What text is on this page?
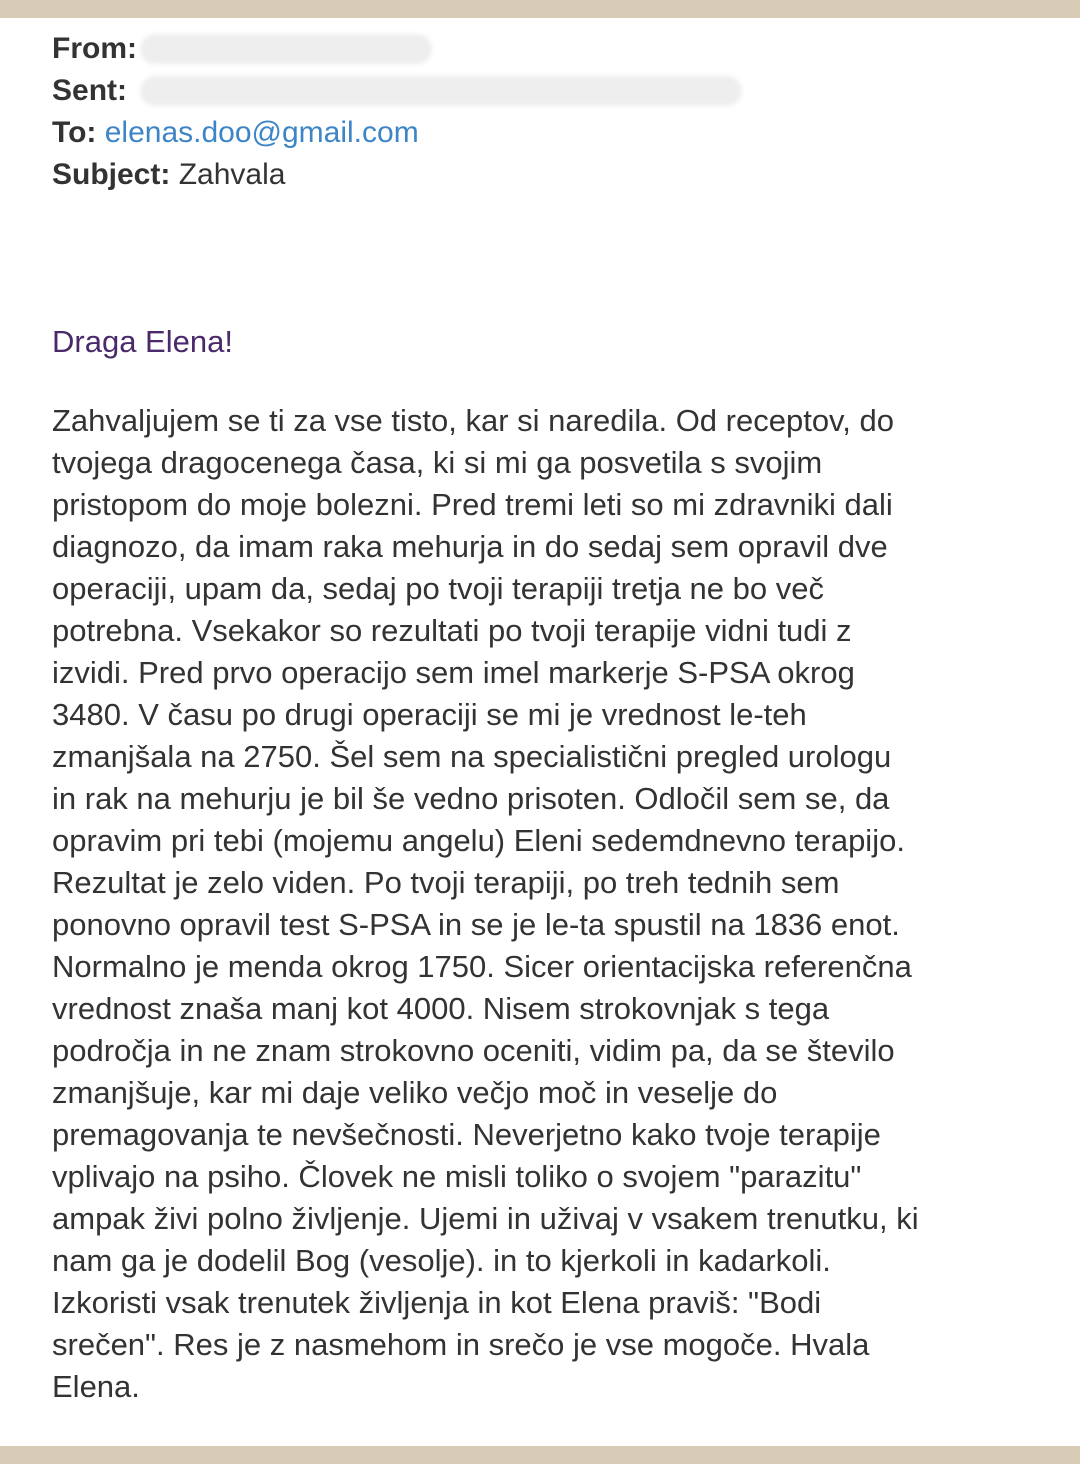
From:
Sent:
To: elenas.doo@gmail.com
Subject: Zahvala
Draga Elena!
Zahvaljujem se ti za vse tisto, kar si naredila. Od receptov, do
tvojega dragocenega časa, ki si mi ga posvetila s svojim
pristopom do moje bolezni. Pred tremi leti so mi zdravniki dali
diagnozo, da imam raka mehurja in do sedaj sem opravil dve
operaciji, upam da, sedaj po tvoji terapiji tretja ne bo več
potrebna. Vsekakor so rezultati po tvoji terapije vidni tudi z
izvidi. Pred prvo operacijo sem imel markerje S-PSA okrog
3480. V času po drugi operaciji se mi je vrednost le-teh
zmanjšala na 2750. Šel sem na specialistični pregled urologu
in rak na mehurju je bil še vedno prisoten. Odločil sem se, da
opravim pri tebi (mojemu angelu) Eleni sedemdnevno terapijo.
Rezultat je zelo viden. Po tvoji terapiji, po treh tednih sem
ponovno opravil test S-PSA in se je le-ta spustil na 1836 enot.
Normalno je menda okrog 1750. Sicer orientacijska referenčna
vrednost znaša manj kot 4000. Nisem strokovnjak s tega
področja in ne znam strokovno oceniti, vidim pa, da se število
zmanjšuje, kar mi daje veliko večjo moč in veselje do
premagovanja te nevšečnosti. Neverjetno kako tvoje terapije
vplivajo na psiho. Človek ne misli toliko o svojem "parazitu"
ampak živi polno življenje. Ujemi in uživaj v vsakem trenutku, ki
nam ga je dodelil Bog (vesolje). in to kjerkoli in kadarkoli.
Izkoristi vsak trenutek življenja in kot Elena praviš: "Bodi
srečen". Res je z nasmehom in srečo je vse mogoče. Hvala
Elena.
